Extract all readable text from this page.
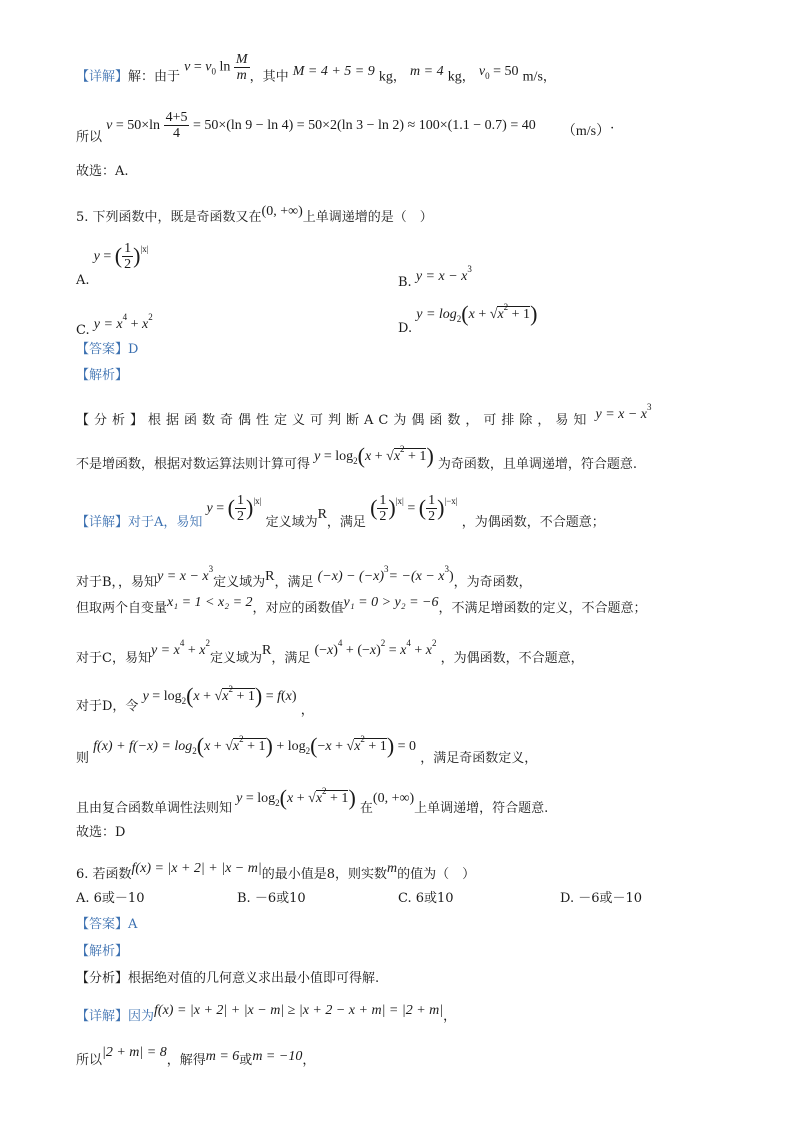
【详解】解：由于 $v = v_0$ $\ln \frac{M}{m}$ ，其中 M = 4 + 5 = 9 kg， m = 4 kg， $v_0 = 50$ m/s，
所以 $v = 50\times\ln \frac{4+5}{4} = 50\times(\ln$ 9 − ln 4) = 50×2(ln 3 − ln 2) ≈ 100×(1.1 − 0.7) = 40 （m/s）.
故选：A.
5. 下列函数中，既是奇函数又在(0, +∞)上单调递增的是（　）
A. y = ( $\frac{1}{2} )^{|x|}$
B. $y = x - x^3$
C. $y = x^4 + x^2$
D. $y = \log_2(x + √x^2 + 1)$
【答案】D
【解析】
【分析】根据函数奇偶性定义可判断AC为偶函数，可排除，易知 $y = x - x^3$
不是增函数，根据对数运算法则计算可得 $y = \log_2(x + √x^2 + 1)$ 为奇函数，且单调递增，符合题意.
【详解】对于A，易知 y = ( $\frac{1}{2} )^{|x|}$ 定义域为R，满足 ( $\frac{1}{2} )^{|x|}$ = ( $\frac{1}{2} )^{|-x|}$ ，为偶函数，不合题意；
对于B，，易知$y = x - x^3$定义域为R，满足 $(-x) - (-x)^3= -(x - x^3)$，为奇函数，
但取两个自变量x₁ = 1 < x₂ = 2，对应的函数值y₁ = 0 > y₂ = −6，不满足增函数的定义，不合题意；
对于C，易知$y = x^4 + x^2$定义域为R，满足 $(-x)^4 + (-x)^2 = x^4 + x^2$ ，为偶函数，不合题意，
对于D，令 $y = \log_2(x + √x^2 + 1) = f(x)$ ，
则 $f(x) + f(-x) = \log_2(x + √x^2 + 1) + \log_2(-x + √x^2 + 1) = 0$ ，满足奇函数定义，
且由复合函数单调性法则知 $y = \log_2(x + √x^2 + 1)$ 在(0, +∞)上单调递增，符合题意.
故选：D
6. 若函数f(x) = |x + 2| + |x − m|的最小值是8，则实数m的值为（　）
A. 6或－10	B. －6或10	C. 6或10	D. －6或－10
【答案】A
【解析】
【分析】根据绝对值的几何意义求出最小值即可得解.
【详解】因为f(x) = |x + 2| + |x − m| ≥ |x + 2 − x + m| = |2 + m|，
所以|2 + m| = 8，解得m = 6或m = −10，
